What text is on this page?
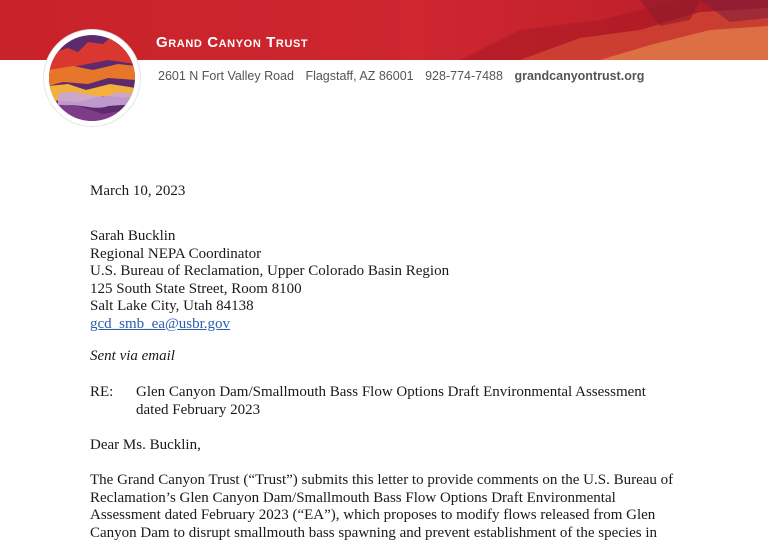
Grand Canyon Trust
2601 N Fort Valley Road Flagstaff, AZ 86001 928-774-7488 grandcanyontrust.org
March 10, 2023
Sarah Bucklin
Regional NEPA Coordinator
U.S. Bureau of Reclamation, Upper Colorado Basin Region
125 South State Street, Room 8100
Salt Lake City, Utah 84138
gcd_smb_ea@usbr.gov
Sent via email
RE: Glen Canyon Dam/Smallmouth Bass Flow Options Draft Environmental Assessment
dated February 2023
Dear Ms. Bucklin,
The Grand Canyon Trust (“Trust”) submits this letter to provide comments on the U.S. Bureau of
Reclamation’s Glen Canyon Dam/Smallmouth Bass Flow Options Draft Environmental
Assessment dated February 2023 (“EA”), which proposes to modify flows released from Glen
Canyon Dam to disrupt smallmouth bass spawning and prevent establishment of the species in
